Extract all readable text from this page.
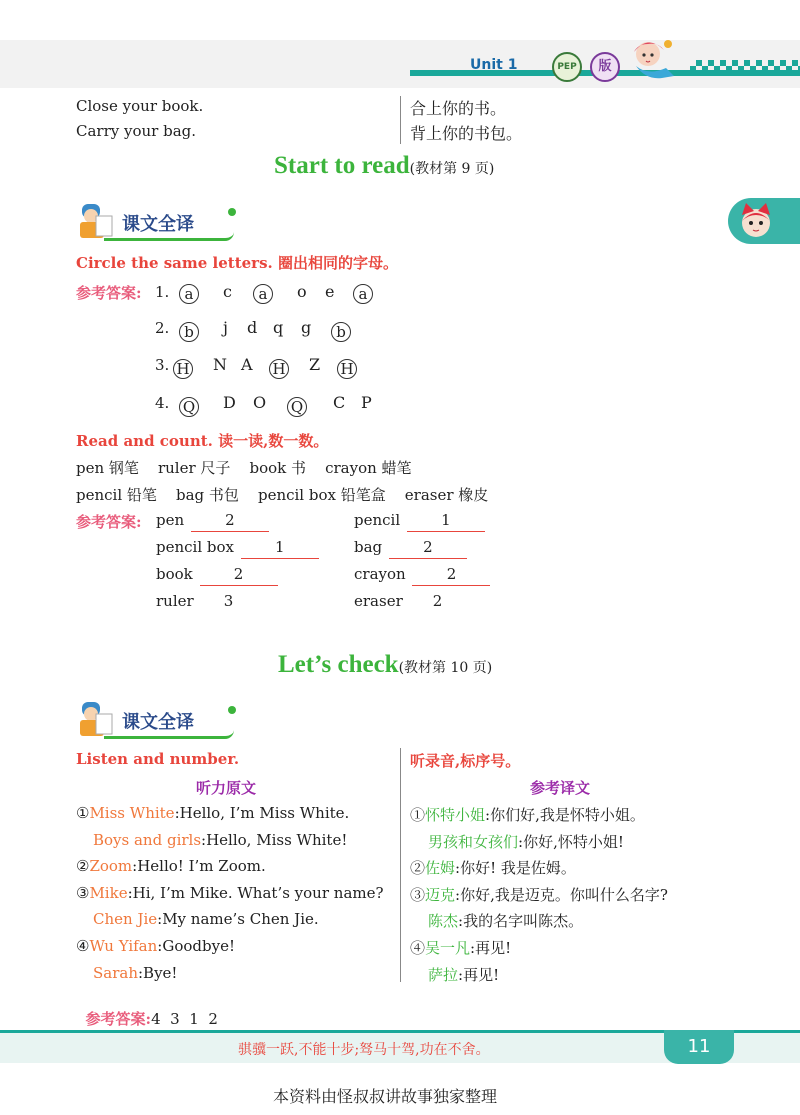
Unit 1	PEP	版
Close your book.
Carry your bag.
合上你的书。
背上你的书包。
Start to read(教材第 9 页)
课文全译
Circle the same letters. 圈出相同的字母。
参考答案: 1.	a	c	a	o e	a
2. b	j d q g	b
3. H N A H Z H
4. Q D O Q C P
Read and count. 读一读,数一数。
pen 钢笔    ruler 尺子    book 书    crayon 蜡笔
pencil 铅笔    bag 书包    pencil box 铅笔盒    eraser 橡皮
参考答案: pen	2	pencil	1
pencil box	1	bag	2
book	2	crayon	2
ruler 3	eraser 2
Let’s check(教材第 10 页)
课文全译
Listen and number.	听录音,标序号。
听力原文	参考译文
①Miss White:Hello, I’m Miss White.
Boys and girls:Hello, Miss White!
②Zoom:Hello! I’m Zoom.
③Mike:Hi, I’m Mike. What’s your name?
Chen Jie:My name’s Chen Jie.
④Wu Yifan:Goodbye!
Sarah:Bye!
①怀特小姐:你们好,我是怀特小姐。
男孩和女孩们:你好,怀特小姐!
②佐姆:你好! 我是佐姆。
③迈克:你好,我是迈克。你叫什么名字?
陈杰:我的名字叫陈杰。
④吴一凡:再见!
萨拉:再见!

参考答案:4  3  1  2

骐骥一跃,不能十步;驽马十驾,功在不舍。	11
本资料由怪叔叔讲故事独家整理
